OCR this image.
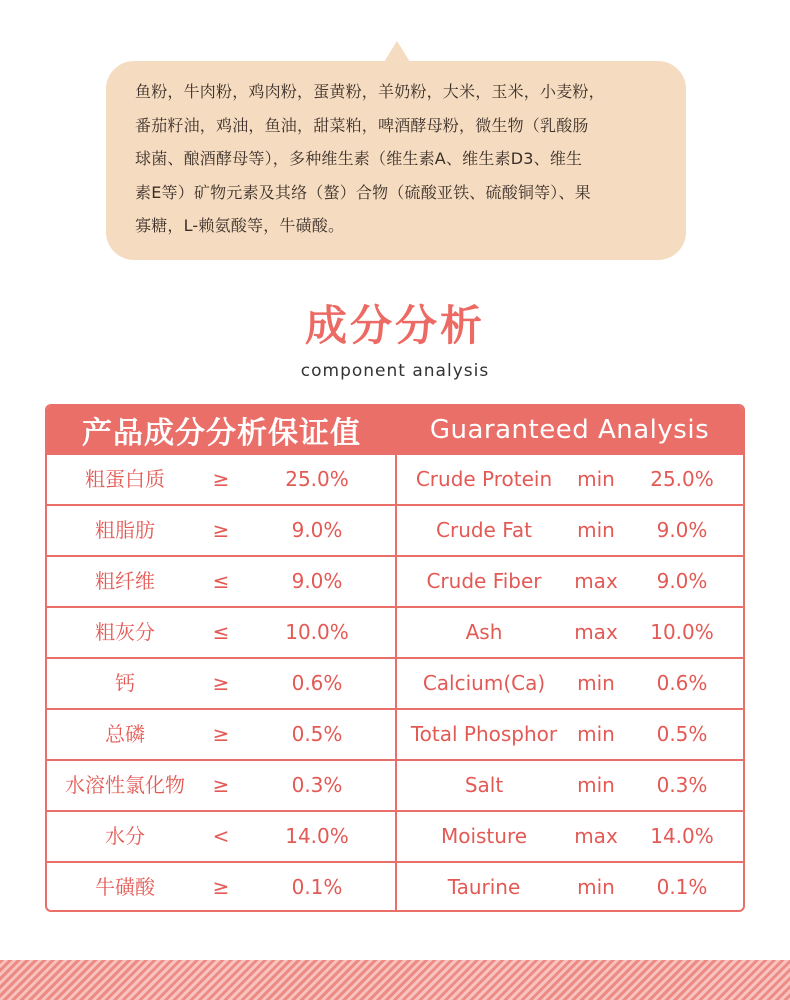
鱼粉，牛肉粉，鸡肉粉，蛋黄粉，羊奶粉，大米，玉米，小麦粉，
番茄籽油，鸡油，鱼油，甜菜粕，啤酒酵母粉，微生物（乳酸肠
球菌、酿酒酵母等），多种维生素（维生素A、维生素D3、维生
素E等）矿物元素及其络（螯）合物（硫酸亚铁、硫酸铜等）、果
寡糖，L-赖氨酸等，牛磺酸。
成分分析
component analysis
产品成分分析保证值	Guaranteed Analysis
粗蛋白质	≥	25.0%	Crude Protein	min	25.0%
粗脂肪	≥	9.0%	Crude Fat	min	9.0%
粗纤维	≤	9.0%	Crude Fiber	max	9.0%
粗灰分	≤	10.0%	Ash	max	10.0%
钙	≥	0.6%	Calcium(Ca)	min	0.6%
总磷	≥	0.5%	Total Phosphor	min	0.5%
水溶性氯化物	≥	0.3%	Salt	min	0.3%
水分	<	14.0%	Moisture	max	14.0%
牛磺酸	≥	0.1%	Taurine	min	0.1%
